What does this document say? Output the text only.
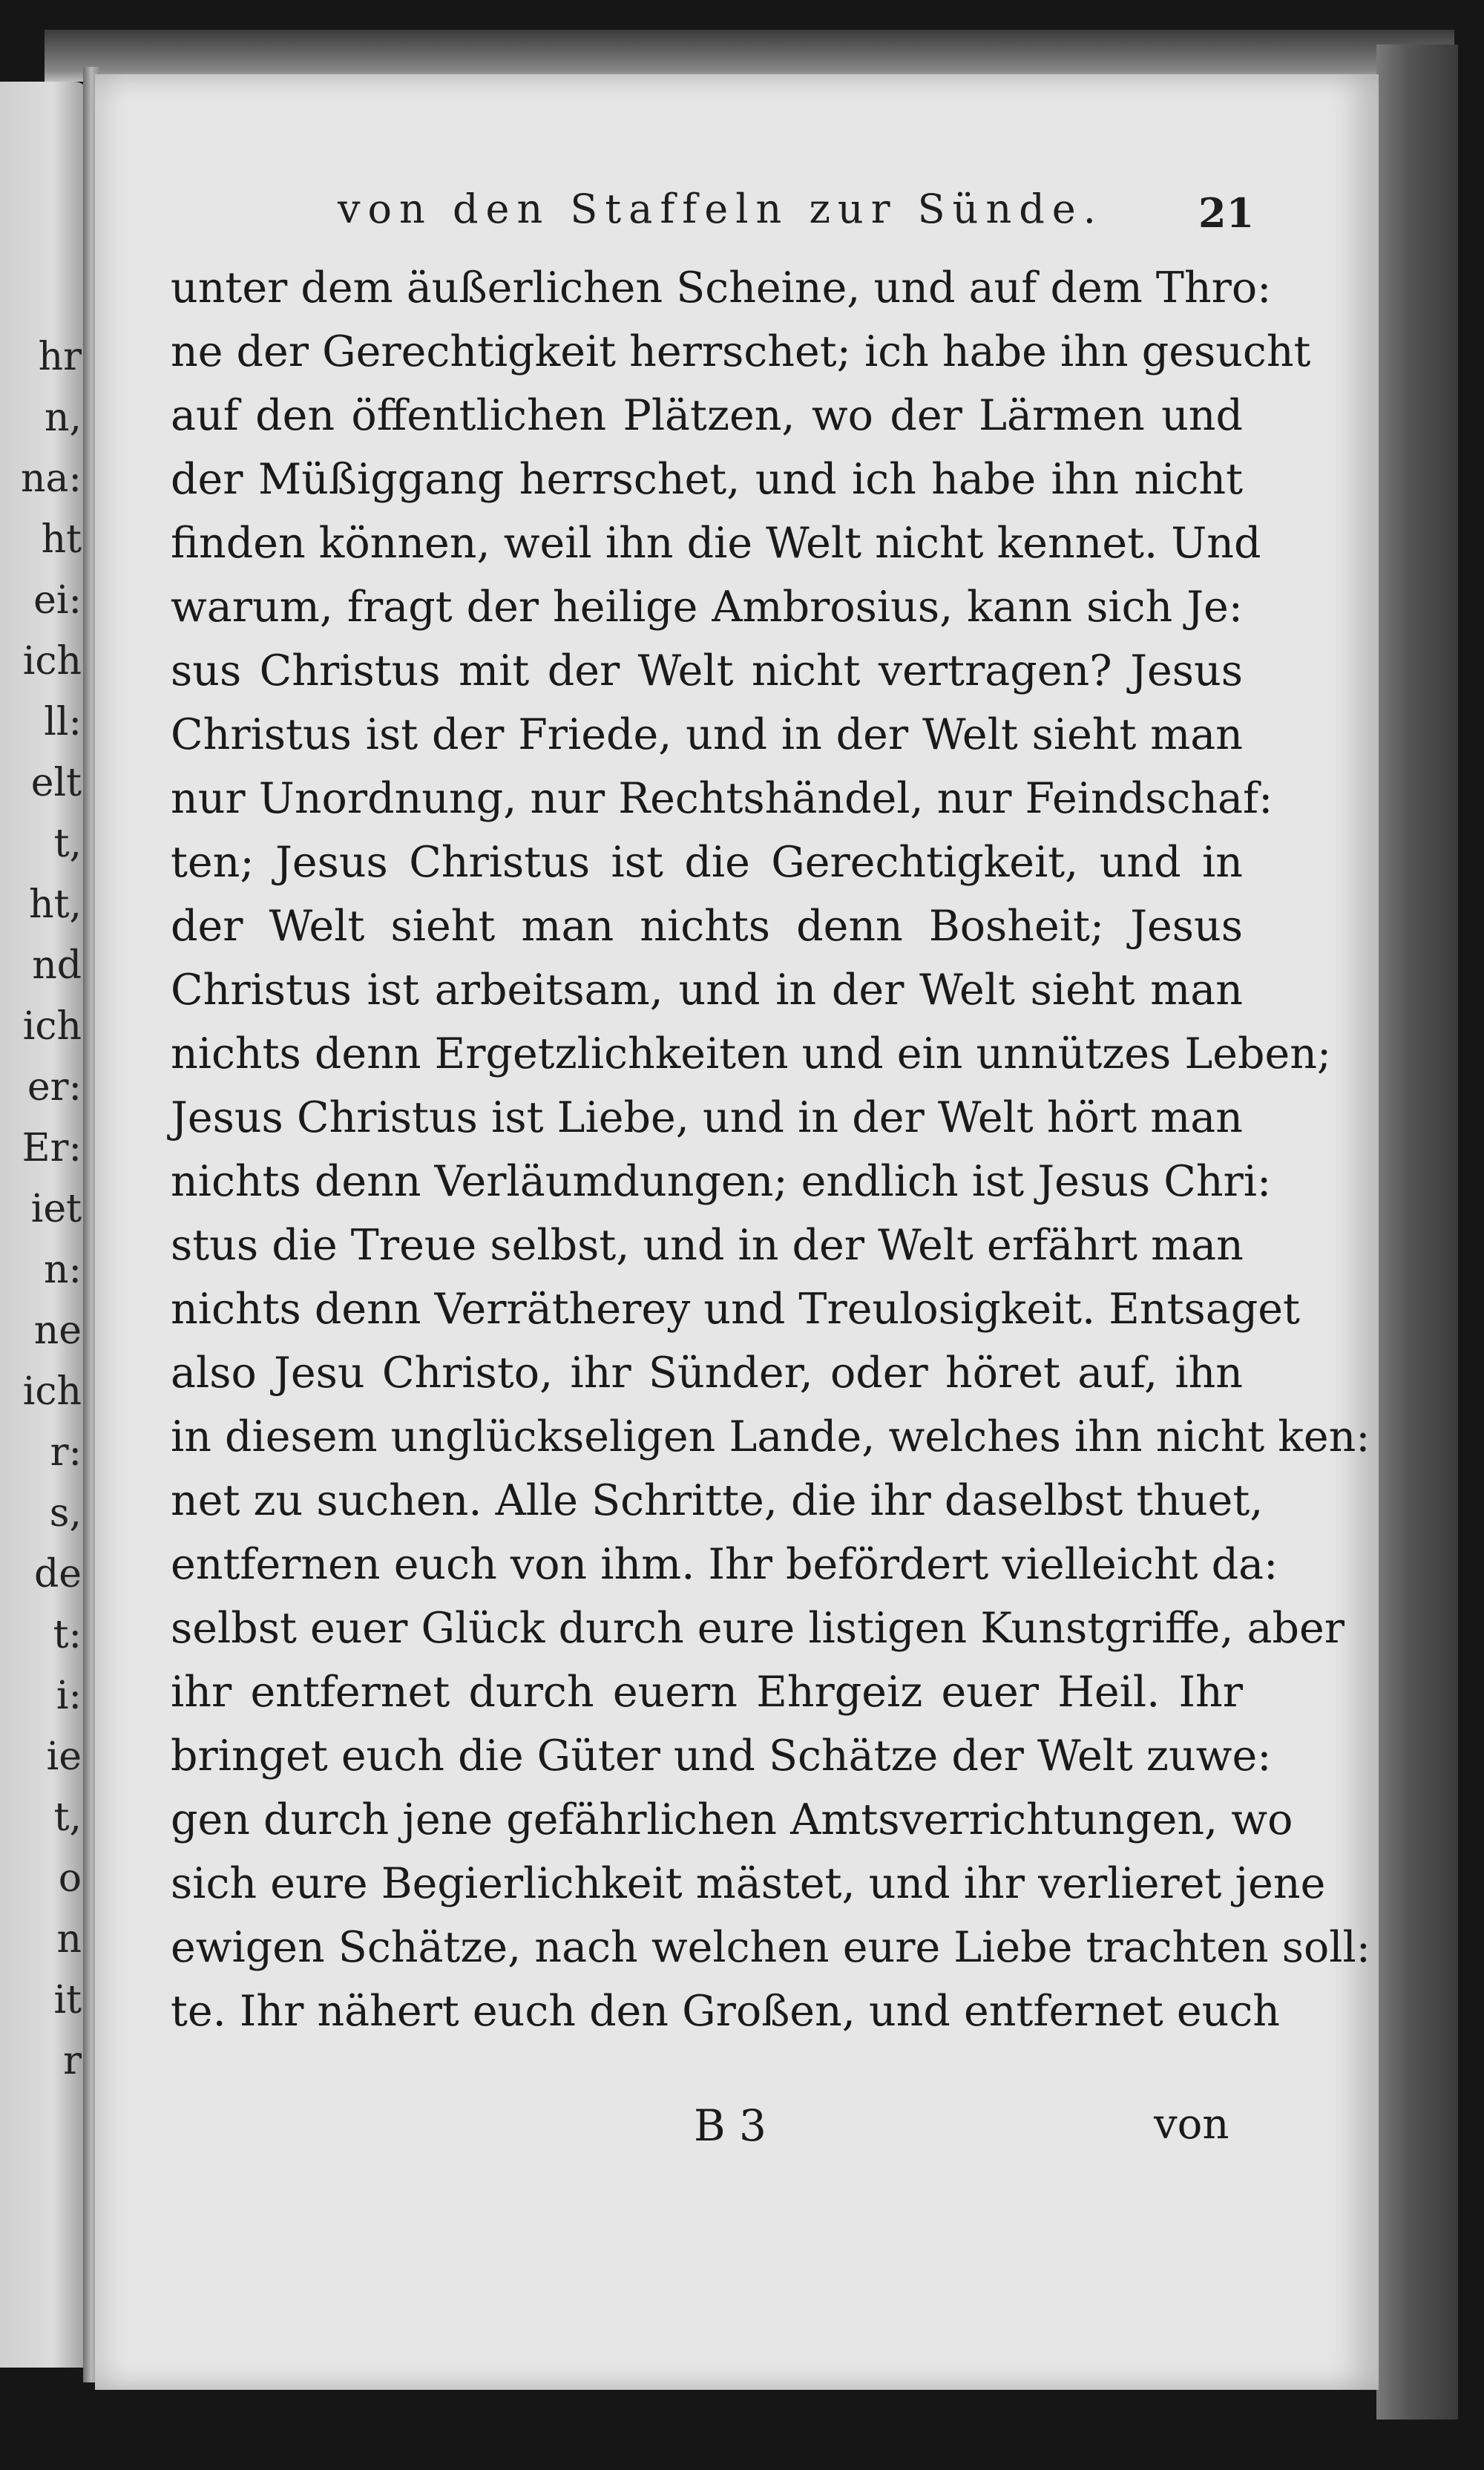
hr
n,
na:
ht
ei:
ich
ll:
elt
t,
ht,
nd
ich
er:
Er:
iet
n:
ne
ich
r:
s,
de
t:
i:
ie
t,
o
n
it
r
von den Staffeln zur Sünde.	21
unter dem äußerlichen Scheine, und auf dem Thro:
ne der Gerechtigkeit herrschet; ich habe ihn gesucht
auf den öffentlichen Plätzen, wo der Lärmen und
der Müßiggang herrschet, und ich habe ihn nicht
finden können, weil ihn die Welt nicht kennet. Und
warum, fragt der heilige Ambrosius, kann sich Je:
sus Christus mit der Welt nicht vertragen? Jesus
Christus ist der Friede, und in der Welt sieht man
nur Unordnung, nur Rechtshändel, nur Feindschaf:
ten; Jesus Christus ist die Gerechtigkeit, und in
der Welt sieht man nichts denn Bosheit; Jesus
Christus ist arbeitsam, und in der Welt sieht man
nichts denn Ergetzlichkeiten und ein unnützes Leben;
Jesus Christus ist Liebe, und in der Welt hört man
nichts denn Verläumdungen; endlich ist Jesus Chri:
stus die Treue selbst, und in der Welt erfährt man
nichts denn Verrätherey und Treulosigkeit. Entsaget
also Jesu Christo, ihr Sünder, oder höret auf, ihn
in diesem unglückseligen Lande, welches ihn nicht ken:
net zu suchen. Alle Schritte, die ihr daselbst thuet,
entfernen euch von ihm. Ihr befördert vielleicht da:
selbst euer Glück durch eure listigen Kunstgriffe, aber
ihr entfernet durch euern Ehrgeiz euer Heil. Ihr
bringet euch die Güter und Schätze der Welt zuwe:
gen durch jene gefährlichen Amtsverrichtungen, wo
sich eure Begierlichkeit mästet, und ihr verlieret jene
ewigen Schätze, nach welchen eure Liebe trachten soll:
te. Ihr nähert euch den Großen, und entfernet euch
B 3	von
